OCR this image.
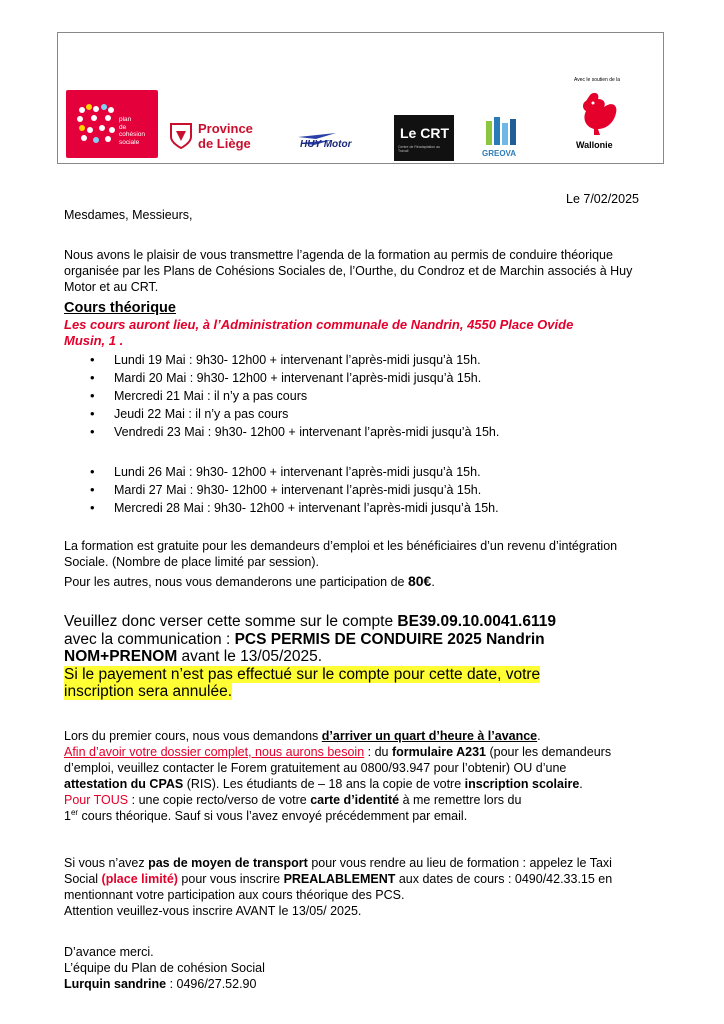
plan
de
cohésion
sociale
Province
de Liège	HUY Motor
Le CRT
Centre de Réadaptation au Travail	GREOVA
Avec le soutien de la
Wallonie
Le 7/02/2025
Mesdames, Messieurs,
Nous avons le plaisir de vous transmettre l’agenda de la formation au permis de conduire théorique
organisée par les Plans de Cohésions Sociales de, l’Ourthe, du Condroz et de Marchin associés à Huy
Motor et au CRT.
Cours théorique
Les cours auront lieu, à l’Administration communale de Nandrin, 4550 Place Ovide
Musin, 1 .
• Lundi 19 Mai : 9h30- 12h00 + intervenant l’après-midi jusqu’à 15h.
• Mardi 20 Mai : 9h30- 12h00 + intervenant l’après-midi jusqu’à 15h.
• Mercredi 21 Mai : il n’y a pas cours
• Jeudi 22 Mai : il n’y a pas cours
• Vendredi 23 Mai : 9h30- 12h00 + intervenant l’après-midi jusqu’à 15h.
• Lundi 26 Mai : 9h30- 12h00 + intervenant l’après-midi jusqu’à 15h.
• Mardi 27 Mai : 9h30- 12h00 + intervenant l’après-midi jusqu’à 15h.
• Mercredi 28 Mai : 9h30- 12h00 + intervenant l’après-midi jusqu’à 15h.
La formation est gratuite pour les demandeurs d’emploi et les bénéficiaires d’un revenu d’intégration
Sociale. (Nombre de place limité par session).
Pour les autres, nous vous demanderons une participation de 80€.
Veuillez donc verser cette somme sur le compte BE39.09.10.0041.6119
avec la communication : PCS PERMIS DE CONDUIRE 2025 Nandrin
NOM+PRENOM avant le 13/05/2025.
Si le payement n’est pas effectué sur le compte pour cette date, votre
inscription sera annulée.
Lors du premier cours, nous vous demandons d’arriver un quart d’heure à l’avance.
Afin d’avoir votre dossier complet, nous aurons besoin : du formulaire A231 (pour les demandeurs
d’emploi, veuillez contacter le Forem gratuitement au 0800/93.947 pour l’obtenir) OU d’une
attestation du CPAS (RIS). Les étudiants de – 18 ans la copie de votre inscription scolaire.
Pour TOUS : une copie recto/verso de votre carte d’identité à me remettre lors du
1er cours théorique. Sauf si vous l’avez envoyé précédemment par email.
Si vous n’avez pas de moyen de transport pour vous rendre au lieu de formation : appelez le Taxi
Social (place limité) pour vous inscrire PREALABLEMENT aux dates de cours : 0490/42.33.15 en
mentionnant votre participation aux cours théorique des PCS.
Attention veuillez-vous inscrire AVANT le 13/05/ 2025.
D’avance merci.
L’équipe du Plan de cohésion Social
Lurquin sandrine : 0496/27.52.90
